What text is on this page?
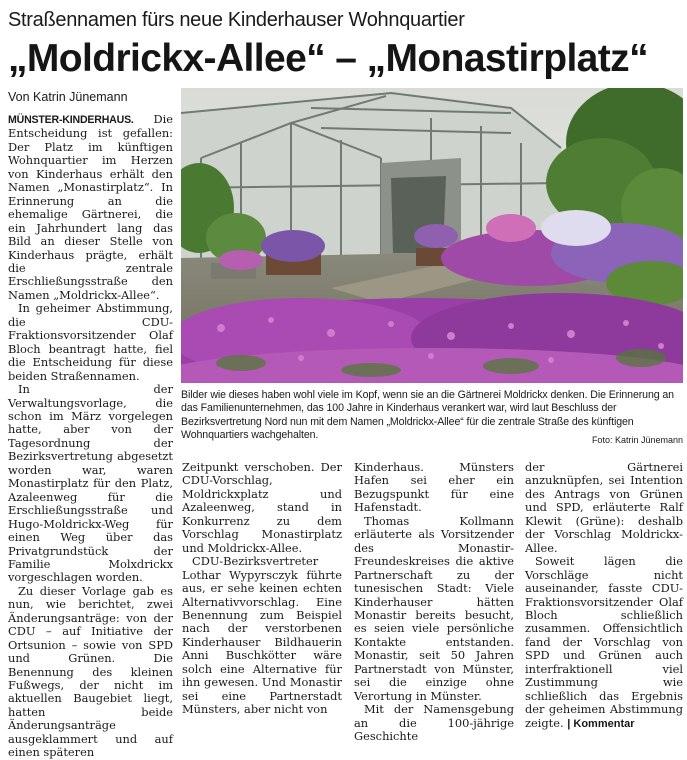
Straßennamen fürs neue Kinderhauser Wohnquartier
„Moldrickx-Allee“ – „Monastirplatz“
Von Katrin Jünemann

MÜNSTER-KINDERHAUS. Die Entscheidung ist gefallen: Der Platz im künftigen Wohnquartier im Herzen von Kinderhaus erhält den Namen „Monastirplatz“. In Erinnerung an die ehemalige Gärtnerei, die ein Jahrhundert lang das Bild an dieser Stelle von Kinderhaus prägte, erhält die zentrale Erschließungsstraße den Namen „Moldrickx-Allee“.

In geheimer Abstimmung, die CDU-Fraktionsvorsitzender Olaf Bloch beantragt hatte, fiel die Entscheidung für diese beiden Straßennamen.

In der Verwaltungsvorlage, die schon im März vorgelegen hatte, aber von der Tagesordnung der Bezirksvertretung abgesetzt worden war, waren Monastirplatz für den Platz, Azaleenweg für die Erschließungsstraße und Hugo-Moldrickx-Weg für einen Weg über das Privatgrundstück der Familie Molxdrickx vorgeschlagen worden.

Zu dieser Vorlage gab es nun, wie berichtet, zwei Änderungsanträge: von der CDU – auf Initiative der Ortsunion – sowie von SPD und Grünen. Die Benennung des kleinen Fußwegs, der nicht im aktuellen Baugebiet liegt, hatten beide Änderungsanträge ausgeklammert und auf einen späteren

Bilder wie dieses haben wohl viele im Kopf, wenn sie an die Gärtnerei Moldrickx denken. Die Erinnerung an das Familienunternehmen, das 100 Jahre in Kinderhaus verankert war, wird laut Beschluss der Bezirksvertretung Nord nun mit dem Namen „Moldrickx-Allee“ für die zentrale Straße des künftigen Wohnquartiers wachgehalten.	Foto: Katrin Jünemann

Zeitpunkt verschoben. Der CDU-Vorschlag, Moldrickxplatz und Azaleenweg, stand in Konkurrenz zu dem Vorschlag Monastirplatz und Moldrickx-Allee.

CDU-Bezirksvertreter Lothar Wypyrsczyk führte aus, er sehe keinen echten Alternativvorschlag. Eine Benennung zum Beispiel nach der verstorbenen Kinderhauser Bildhauerin Anni Buschkötter wäre solch eine Alternative für ihn gewesen. Und Monastir sei eine Partnerstadt Münsters, aber nicht von

Kinderhaus. Münsters Hafen sei eher ein Bezugspunkt für eine Hafenstadt.

Thomas Kollmann erläuterte als Vorsitzender des Monastir-Freundeskreises die aktive Partnerschaft zu der tunesischen Stadt: Viele Kinderhauser hätten Monastir bereits besucht, es seien viele persönliche Kontakte entstanden. Monastir, seit 50 Jahren Partnerstadt von Münster, sei die einzige ohne Verortung in Münster.

Mit der Namensgebung an die 100-jährige Geschichte

der Gärtnerei anzuknüpfen, sei Intention des Antrags von Grünen und SPD, erläuterte Ralf Klewit (Grüne): deshalb der Vorschlag Moldrickx-Allee.

Soweit lägen die Vorschläge nicht auseinander, fasste CDU-Fraktionsvorsitzender Olaf Bloch schließlich zusammen. Offensichtlich fand der Vorschlag von SPD und Grünen auch interfraktionell viel Zustimmung wie schließlich das Ergebnis der geheimen Abstimmung zeigte. | Kommentar
